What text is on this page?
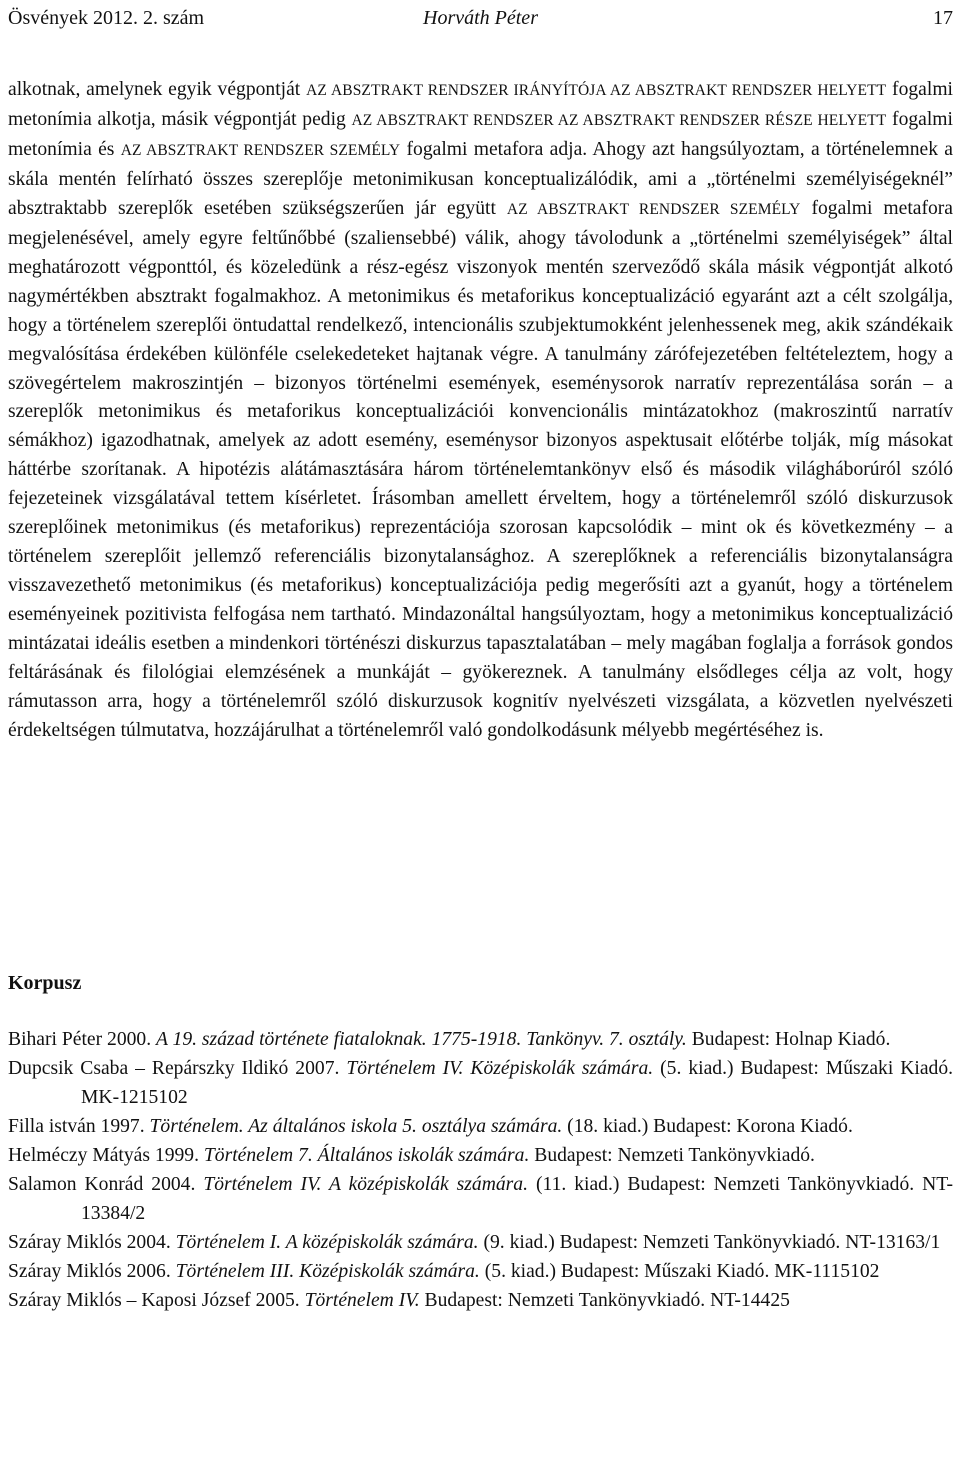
Ösvények 2012. 2. szám	Horváth Péter	17

alkotnak, amelynek egyik végpontját AZ ABSZTRAKT RENDSZER IRÁNYÍTÓJA AZ ABSZTRAKT RENDSZER HELYETT fogalmi metonímia alkotja, másik végpontját pedig AZ ABSZTRAKT RENDSZER AZ ABSZTRAKT RENDSZER RÉSZE HELYETT fogalmi metonímia és AZ ABSZTRAKT RENDSZER SZEMÉLY fogalmi metafora adja. Ahogy azt hangsúlyoztam, a történelemnek a skála mentén felírható összes szereplője metonimikusan konceptualizálódik, ami a „történelmi személyiségeknél” absztraktabb szereplők esetében szükségszerűen jár együtt AZ ABSZTRAKT RENDSZER SZEMÉLY fogalmi metafora megjelenésével, amely egyre feltűnőbbé (szaliensebbé) válik, ahogy távolodunk a „történelmi személyiségek” által meghatározott végponttól, és közeledünk a rész-egész viszonyok mentén szerveződő skála másik végpontját alkotó nagymértékben absztrakt fogalmakhoz. A metonimikus és metaforikus konceptualizáció egyaránt azt a célt szolgálja, hogy a történelem szereplői öntudattal rendelkező, intencionális szubjektumokként jelenhessenek meg, akik szándékaik megvalósítása érdekében különféle cselekedeteket hajtanak végre. A tanulmány zárófejezetében feltételeztem, hogy a szövegértelem makroszintjén – bizonyos történelmi események, eseménysorok narratív reprezentálása során – a szereplők metonimikus és metaforikus konceptualizációi konvencionális mintázatokhoz (makroszintű narratív sémákhoz) igazodhatnak, amelyek az adott esemény, eseménysor bizonyos aspektusait előtérbe tolják, míg másokat háttérbe szorítanak. A hipotézis alátámasztására három történelemtankönyv első és második világháborúról szóló fejezeteinek vizsgálatával tettem kísérletet. Írásomban amellett érveltem, hogy a történelemről szóló diskurzusok szereplőinek metonimikus (és metaforikus) reprezentációja szorosan kapcsolódik – mint ok és következmény – a történelem szereplőit jellemző referenciális bizonytalansághoz. A szereplőknek a referenciális bizonytalanságra visszavezethető metonimikus (és metaforikus) konceptualizációja pedig megerősíti azt a gyanút, hogy a történelem eseményeinek pozitivista felfogása nem tartható. Mindazonáltal hangsúlyoztam, hogy a metonimikus konceptualizáció mintázatai ideális esetben a mindenkori történészi diskurzus tapasztalatában – mely magában foglalja a források gondos feltárásának és filológiai elemzésének a munkáját – gyökereznek. A tanulmány elsődleges célja az volt, hogy rámutasson arra, hogy a történelemről szóló diskurzusok kognitív nyelvészeti vizsgálata, a közvetlen nyelvészeti érdekeltségen túlmutatva, hozzájárulhat a történelemről való gondolkodásunk mélyebb megértéséhez is.

Korpusz

Bihari Péter 2000. A 19. század története fiataloknak. 1775-1918. Tankönyv. 7. osztály. Budapest: Holnap Kiadó.

Dupcsik Csaba – Repárszky Ildikó 2007. Történelem IV. Középiskolák számára. (5. kiad.) Budapest: Műszaki Kiadó. MK-1215102

Filla istván 1997. Történelem. Az általános iskola 5. osztálya számára. (18. kiad.) Budapest: Korona Kiadó.

Helméczy Mátyás 1999. Történelem 7. Általános iskolák számára. Budapest: Nemzeti Tankönyvkiadó.

Salamon Konrád 2004. Történelem IV. A középiskolák számára. (11. kiad.) Budapest: Nemzeti Tankönyvkiadó. NT-13384/2

Száray Miklós 2004. Történelem I. A középiskolák számára. (9. kiad.) Budapest: Nemzeti Tankönyvkiadó. NT-13163/1

Száray Miklós 2006. Történelem III. Középiskolák számára. (5. kiad.) Budapest: Műszaki Kiadó. MK-1115102

Száray Miklós – Kaposi József 2005. Történelem IV. Budapest: Nemzeti Tankönyvkiadó. NT-14425
